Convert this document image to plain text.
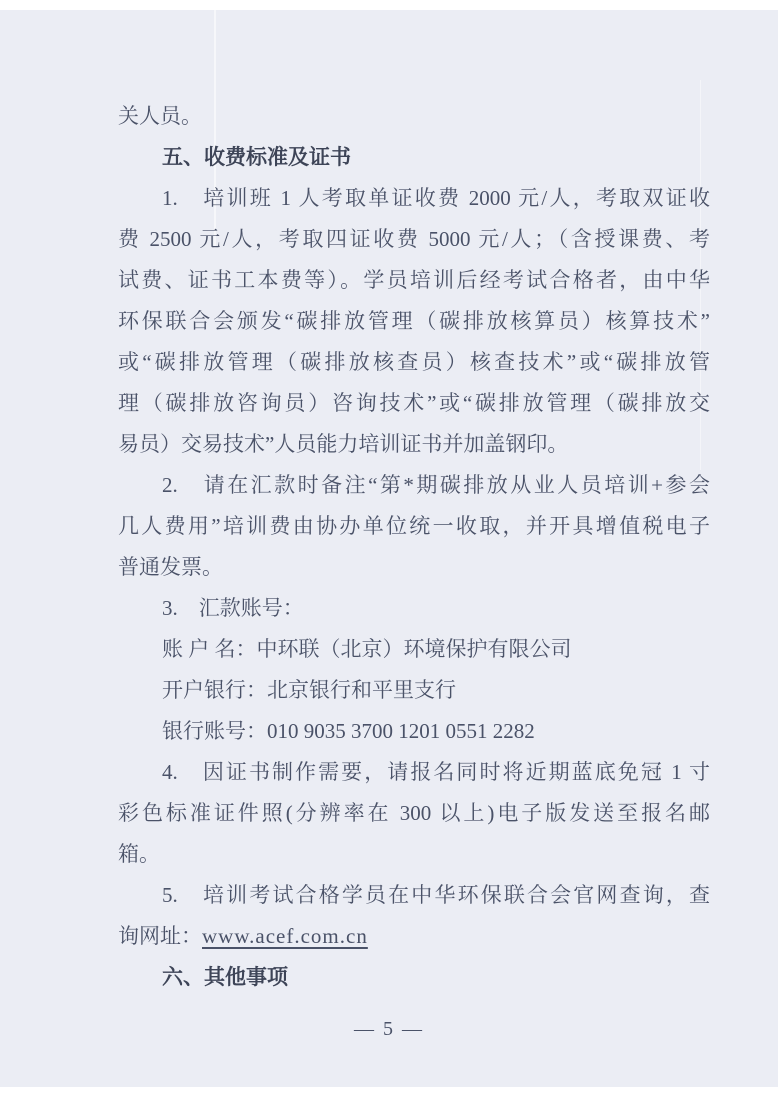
关人员。
五、收费标准及证书
1.　培训班 1 人考取单证收费 2000 元/人，考取双证收
费 2500 元/人，考取四证收费 5000 元/人；（含授课费、考
试费、证书工本费等）。学员培训后经考试合格者，由中华
环保联合会颁发“碳排放管理（碳排放核算员）核算技术”
或“碳排放管理（碳排放核查员）核查技术”或“碳排放管
理（碳排放咨询员）咨询技术”或“碳排放管理（碳排放交
易员）交易技术”人员能力培训证书并加盖钢印。
2.　请在汇款时备注“第*期碳排放从业人员培训+参会
几人费用”培训费由协办单位统一收取，并开具增值税电子
普通发票。
3.　汇款账号：
账 户 名：中环联（北京）环境保护有限公司
开户银行：北京银行和平里支行
银行账号：010 9035 3700 1201 0551 2282
4.　因证书制作需要，请报名同时将近期蓝底免冠 1 寸
彩色标准证件照(分辨率在 300 以上)电子版发送至报名邮
箱。
5.　培训考试合格学员在中华环保联合会官网查询，查
询网址：www.acef.com.cn
六、其他事项
— 5 —
